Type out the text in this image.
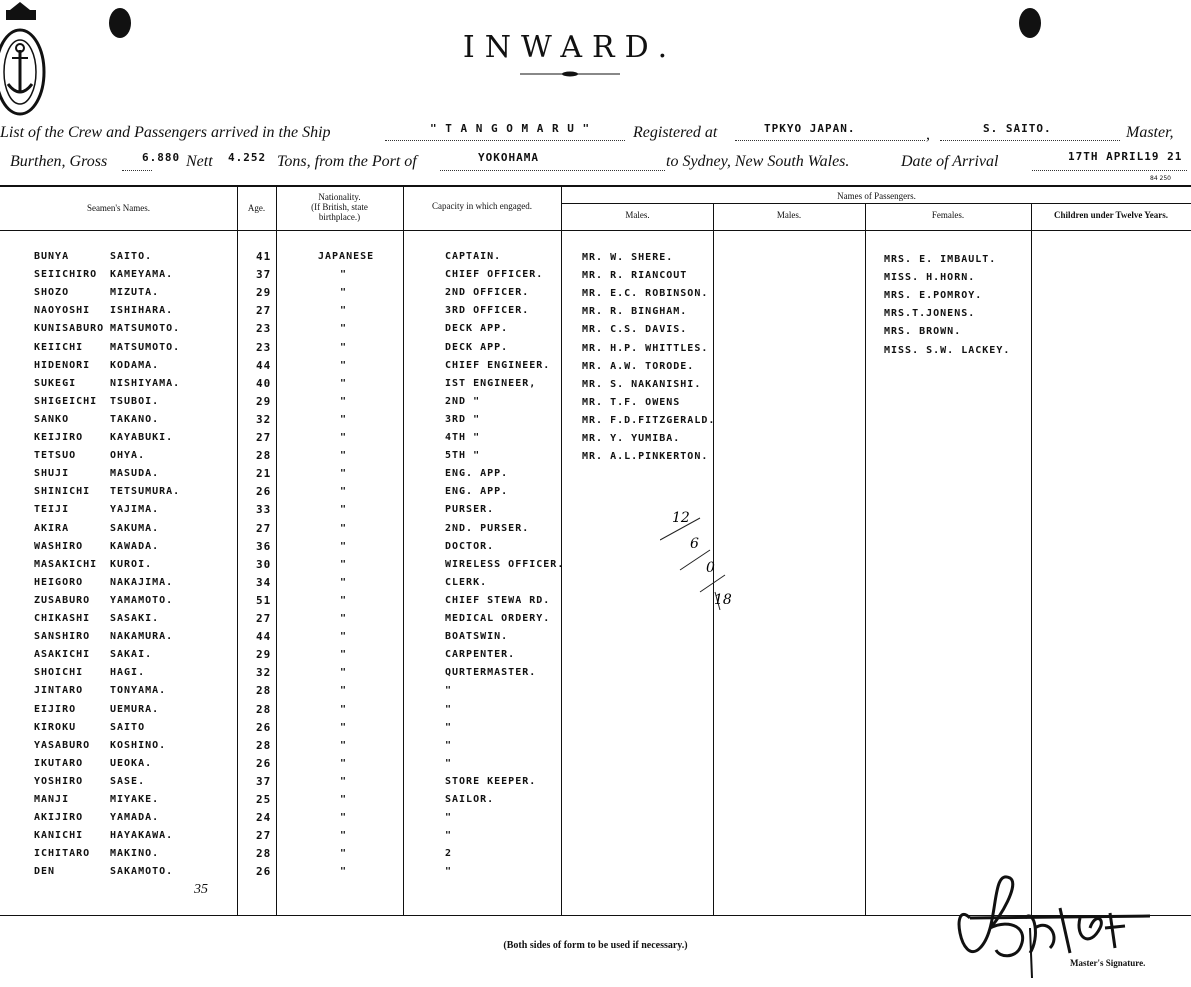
INWARD.
List of the Crew and Passengers arrived in the Ship	" T A N G O M A R U "	Registered at	TPKYO JAPAN.	,	S. SAITO.	Master,
Burthen, Gross	6.880 Nett 4.252 Tons, from the Port of	YOKOHAMA	to Sydney, New South Wales.	Date of Arrival	17TH APRIL19 21
84 250
Seamen's Names.	Age.
Nationality.
(If British, state
birthplace.)
Capacity in which engaged.
Names of Passengers.
Males.	Males.	Females.	Children under Twelve Years.
BUNYA	SAITO.	41	JAPANESE	CAPTAIN.
SEIICHIRO KAMEYAMA.	37	"	CHIEF OFFICER.
SHOZO	MIZUTA.	29	"	2ND OFFICER.
NAOYOSHI ISHIHARA.	27	"	3RD OFFICER.
KUNISABURO MATSUMOTO.	23	"	DECK APP.
KEIICHI	MATSUMOTO.	23	"	DECK APP.
HIDENORI KODAMA.	44	"	CHIEF ENGINEER.
SUKEGI	NISHIYAMA.	40	"	IST ENGINEER,
SHIGEICHI TSUBOI.	29	"	2ND "
SANKO	TAKANO.	32	"	3RD "
KEIJIRO	KAYABUKI.	27	"	4TH "
TETSUO	OHYA.	28	"	5TH "
SHUJI	MASUDA.	21	"	ENG. APP.
SHINICHI TETSUMURA.	26	"	ENG. APP.
TEIJI	YAJIMA.	33	"	PURSER.
AKIRA	SAKUMA.	27	"	2ND. PURSER.
WASHIRO	KAWADA.	36	"	DOCTOR.
MASAKICHI KUROI.	30	"	WIRELESS OFFICER.
HEIGORO	NAKAJIMA.	34	"	CLERK.
ZUSABURO YAMAMOTO.	51	"	CHIEF STEWA RD.
CHIKASHI SASAKI.	27	"	MEDICAL ORDERY.
SANSHIRO NAKAMURA.	44	"	BOATSWIN.
ASAKICHI SAKAI.	29	"	CARPENTER.
SHOICHI	HAGI.	32	"	QURTERMASTER.
JINTARO	TONYAMA.	28	"	"
EIJIRO	UEMURA.	28	"	"
KIROKU	SAITO	26	"	"
YASABURO KOSHINO.	28	"	"
IKUTARO	UEOKA.	26	"	"
YOSHIRO	SASE.	37	"	STORE KEEPER.
MANJI	MIYAKE.	25	"	SAILOR.
AKIJIRO	YAMADA.	24	"	"
KANICHI	HAYAKAWA.	27	"	"
ICHITARO MAKINO.	28	"	2
DEN	SAKAMOTO.	26	"	"
MR. W. SHERE.
MR. R. RIANCOUT
MR. E.C. ROBINSON.
MR. R. BINGHAM.
MR. C.S. DAVIS.
MR. H.P. WHITTLES.
MR. A.W. TORODE.
MR. S. NAKANISHI.
MR. T.F. OWENS
MR. F.D.FITZGERALD.
MR. Y. YUMIBA.
MR. A.L.PINKERTON.
MRS. E. IMBAULT.
MISS. H.HORN.
MRS. E.POMROY.
MRS.T.JONENS.
MRS. BROWN.
MISS. S.W. LACKEY.
12
6
0
18
35
(Both sides of form to be used if necessary.)
Master's Signature.
